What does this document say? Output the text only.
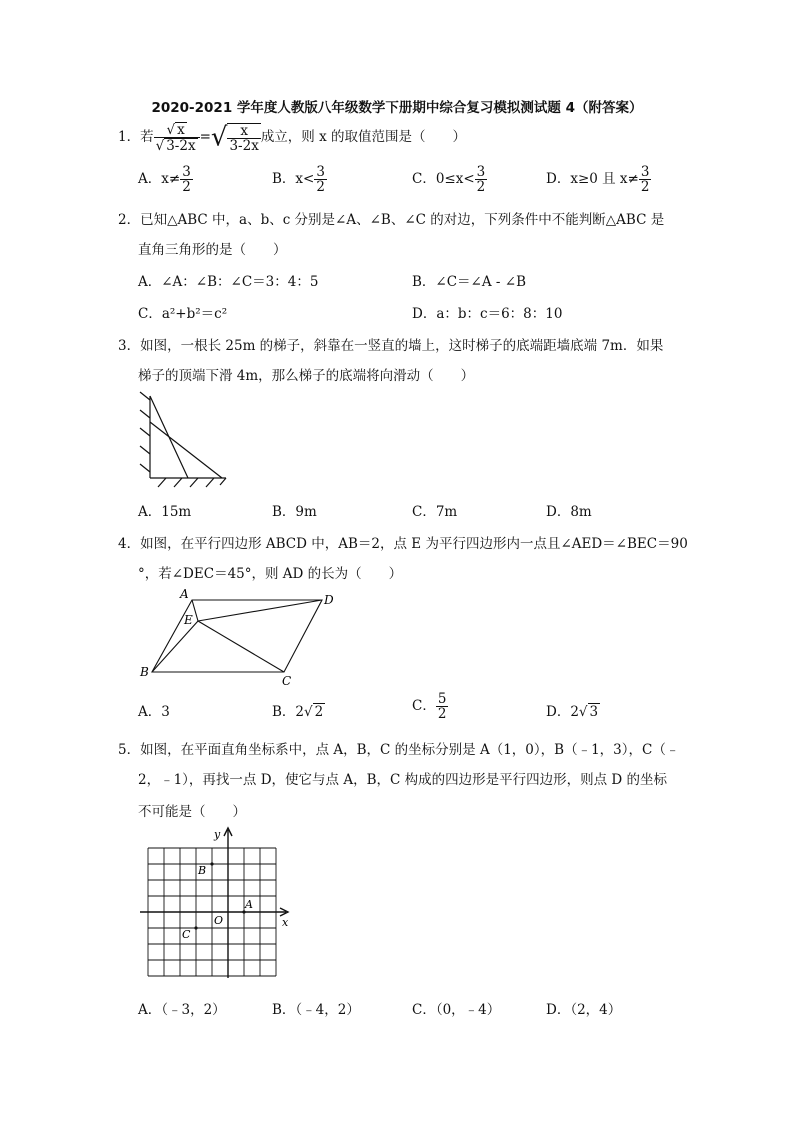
2020-2021 学年度人教版八年级数学下册期中综合复习模拟测试题 4（附答案）
1．若 $\frac{√ x}{√ 3-2x}$ =√ $\frac{x}{3-2x}$ 成立，则 x 的取值范围是（　　）
A．$x\ne \frac{3}{2}$	B．$x< \frac{3}{2}$	C．$0\le x< \frac{3}{2}$	D．x≥0 且 $x\ne \frac{3}{2}$
2．已知△ABC 中，a、b、c 分别是∠A、∠B、∠C 的对边，下列条件中不能判断△ABC 是
直角三角形的是（　　）
A．∠A：∠B：∠C＝3：4：5	B．∠C＝∠A - ∠B
C．a²+b²＝c²	D．a：b：c＝6：8：10
3．如图，一根长 25m 的梯子，斜靠在一竖直的墙上，这时梯子的底端距墙底端 7m．如果
梯子的顶端下滑 4m，那么梯子的底端将向滑动（　　）
A．15m	B．9m	C．7m	D．8m
4．如图，在平行四边形 ABCD 中，AB＝2，点 E 为平行四边形内一点且∠AED＝∠BEC＝90
°，若∠DEC＝45°，则 AD 的长为（　　）
A	D
E
B
C
A．3	B．2√ 2	C． $\frac{5}{2}$	D．2√ 3
5．如图，在平面直角坐标系中，点 A，B，C 的坐标分别是 A（1，0），B（﹣1，3），C（﹣
2，﹣1），再找一点 D，使它与点 A，B，C 构成的四边形是平行四边形，则点 D 的坐标
不可能是（　　）
x
y
O
A
B
C
A．（﹣3，2）	B．（﹣4，2）	C．（0，﹣4）	D．（2，4）
